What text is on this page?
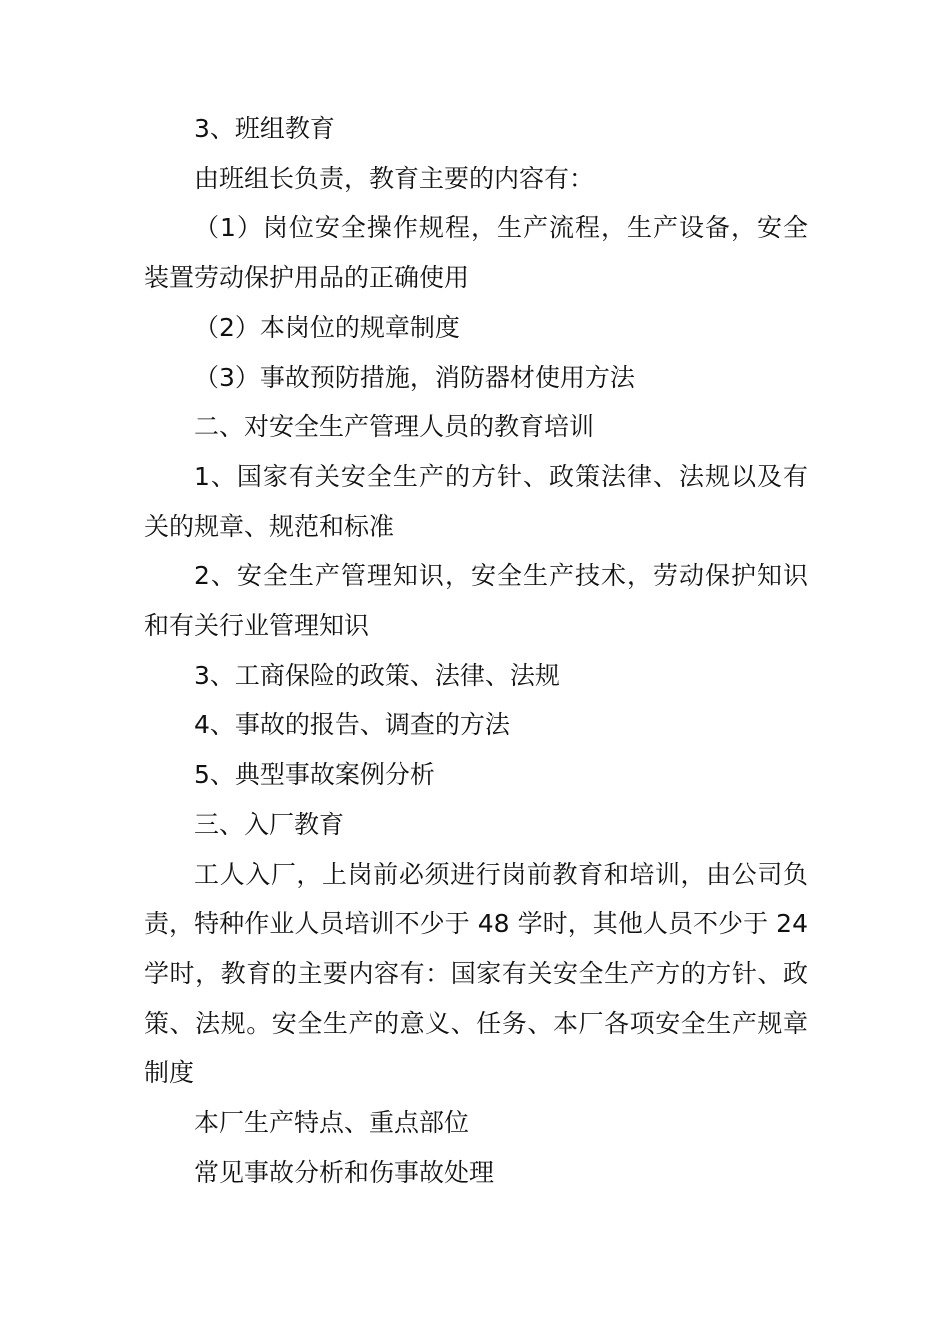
3、班组教育

由班组长负责，教育主要的内容有：

（1）岗位安全操作规程，生产流程，生产设备，安全装置劳动保护用品的正确使用

（2）本岗位的规章制度

（3）事故预防措施，消防器材使用方法

二、对安全生产管理人员的教育培训

1、国家有关安全生产的方针、政策法律、法规以及有关的规章、规范和标准

2、安全生产管理知识，安全生产技术，劳动保护知识和有关行业管理知识

3、工商保险的政策、法律、法规

4、事故的报告、调查的方法

5、典型事故案例分析

三、入厂教育

工人入厂，上岗前必须进行岗前教育和培训，由公司负责，特种作业人员培训不少于 48 学时，其他人员不少于 24 学时，教育的主要内容有：国家有关安全生产方的方针、政策、法规。安全生产的意义、任务、本厂各项安全生产规章制度

本厂生产特点、重点部位

常见事故分析和伤事故处理
